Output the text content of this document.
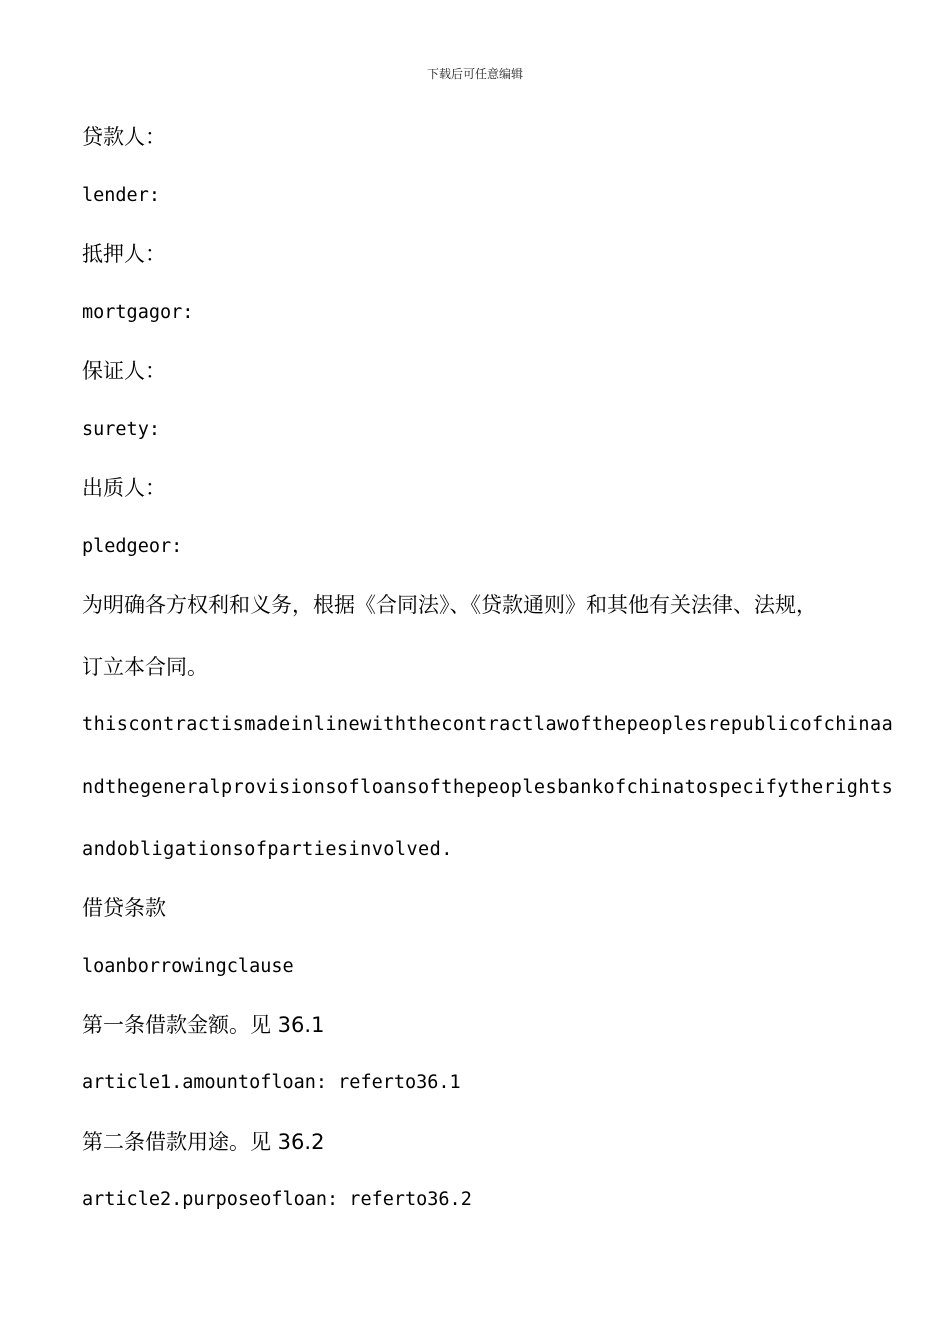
下载后可任意编辑
贷款人：
lender:
抵押人：
mortgagor:
保证人：
surety:
出质人：
pledgeor:
为明确各方权利和义务，根据《合同法》、《贷款通则》和其他有关法律、法规，
订立本合同。
thiscontractismadeinlinewiththecontractlawofthepeoplesrepublicofchinaa
ndthegeneralprovisionsofloansofthepeoplesbankofchinatospecifytherights
andobligationsofpartiesinvolved.
借贷条款
loanborrowingclause
第一条借款金额。见 36.1
article1.amountofloan: referto36.1
第二条借款用途。见 36.2
article2.purposeofloan: referto36.2
